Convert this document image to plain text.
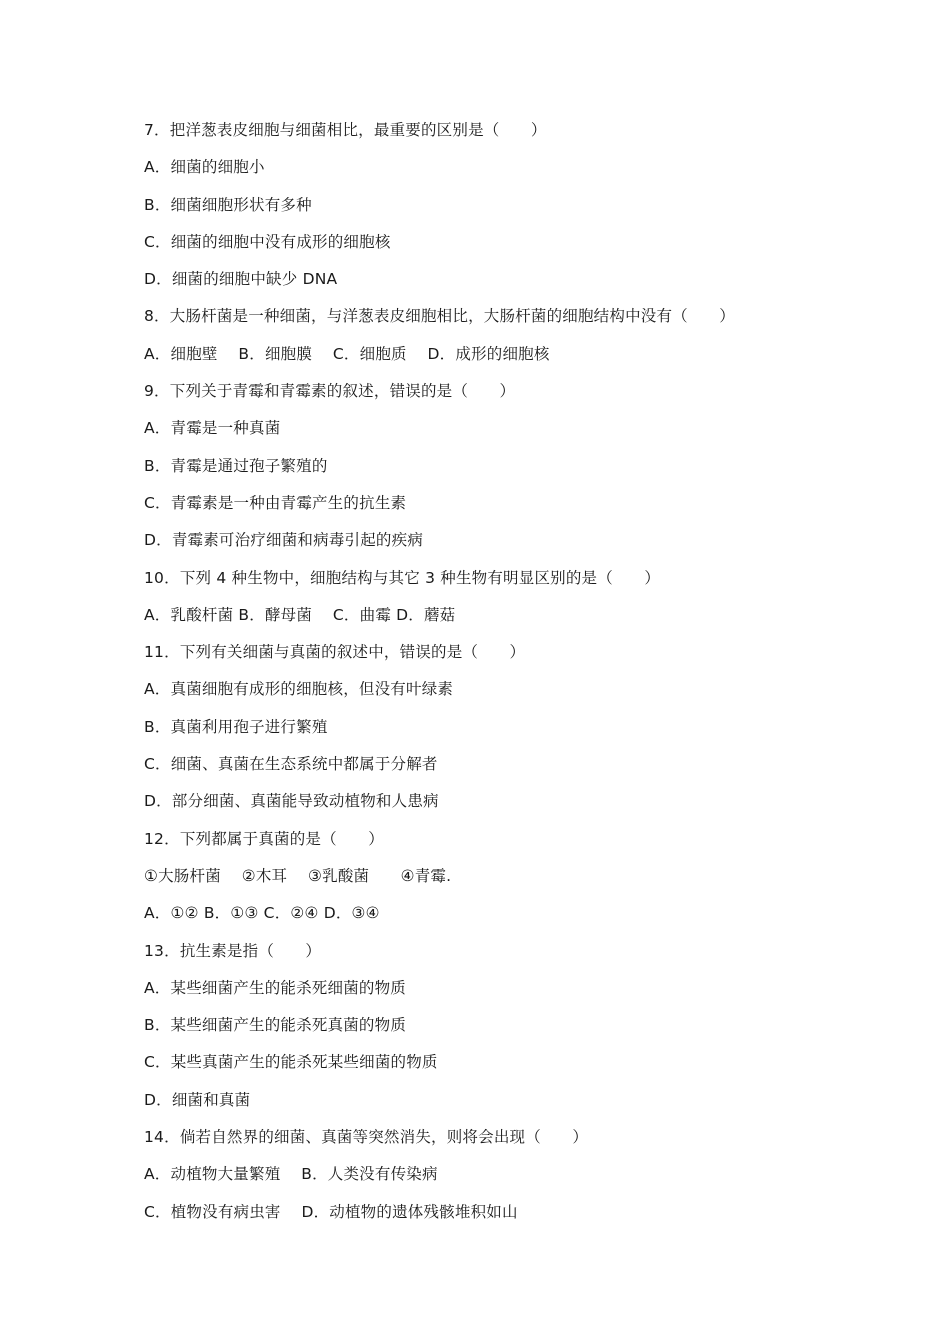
7．把洋葱表皮细胞与细菌相比，最重要的区别是（　　）
A．细菌的细胞小
B．细菌细胞形状有多种
C．细菌的细胞中没有成形的细胞核
D．细菌的细胞中缺少 DNA
8．大肠杆菌是一种细菌，与洋葱表皮细胞相比，大肠杆菌的细胞结构中没有（　　）
A．细胞壁　 B．细胞膜　 C．细胞质　 D．成形的细胞核
9．下列关于青霉和青霉素的叙述，错误的是（　　）
A．青霉是一种真菌
B．青霉是通过孢子繁殖的
C．青霉素是一种由青霉产生的抗生素
D．青霉素可治疗细菌和病毒引起的疾病
10．下列 4 种生物中，细胞结构与其它 3 种生物有明显区别的是（　　）
A．乳酸杆菌 B．酵母菌　 C．曲霉 D．蘑菇
11．下列有关细菌与真菌的叙述中，错误的是（　　）
A．真菌细胞有成形的细胞核，但没有叶绿素
B．真菌利用孢子进行繁殖
C．细菌、真菌在生态系统中都属于分解者
D．部分细菌、真菌能导致动植物和人患病
12．下列都属于真菌的是（　　）
①大肠杆菌　 ②木耳　 ③乳酸菌　　④青霉.
A．①② B．①③ C．②④ D．③④
13．抗生素是指（　　）
A．某些细菌产生的能杀死细菌的物质
B．某些细菌产生的能杀死真菌的物质
C．某些真菌产生的能杀死某些细菌的物质
D．细菌和真菌
14．倘若自然界的细菌、真菌等突然消失，则将会出现（　　）
A．动植物大量繁殖　 B．人类没有传染病
C．植物没有病虫害　 D．动植物的遗体残骸堆积如山
